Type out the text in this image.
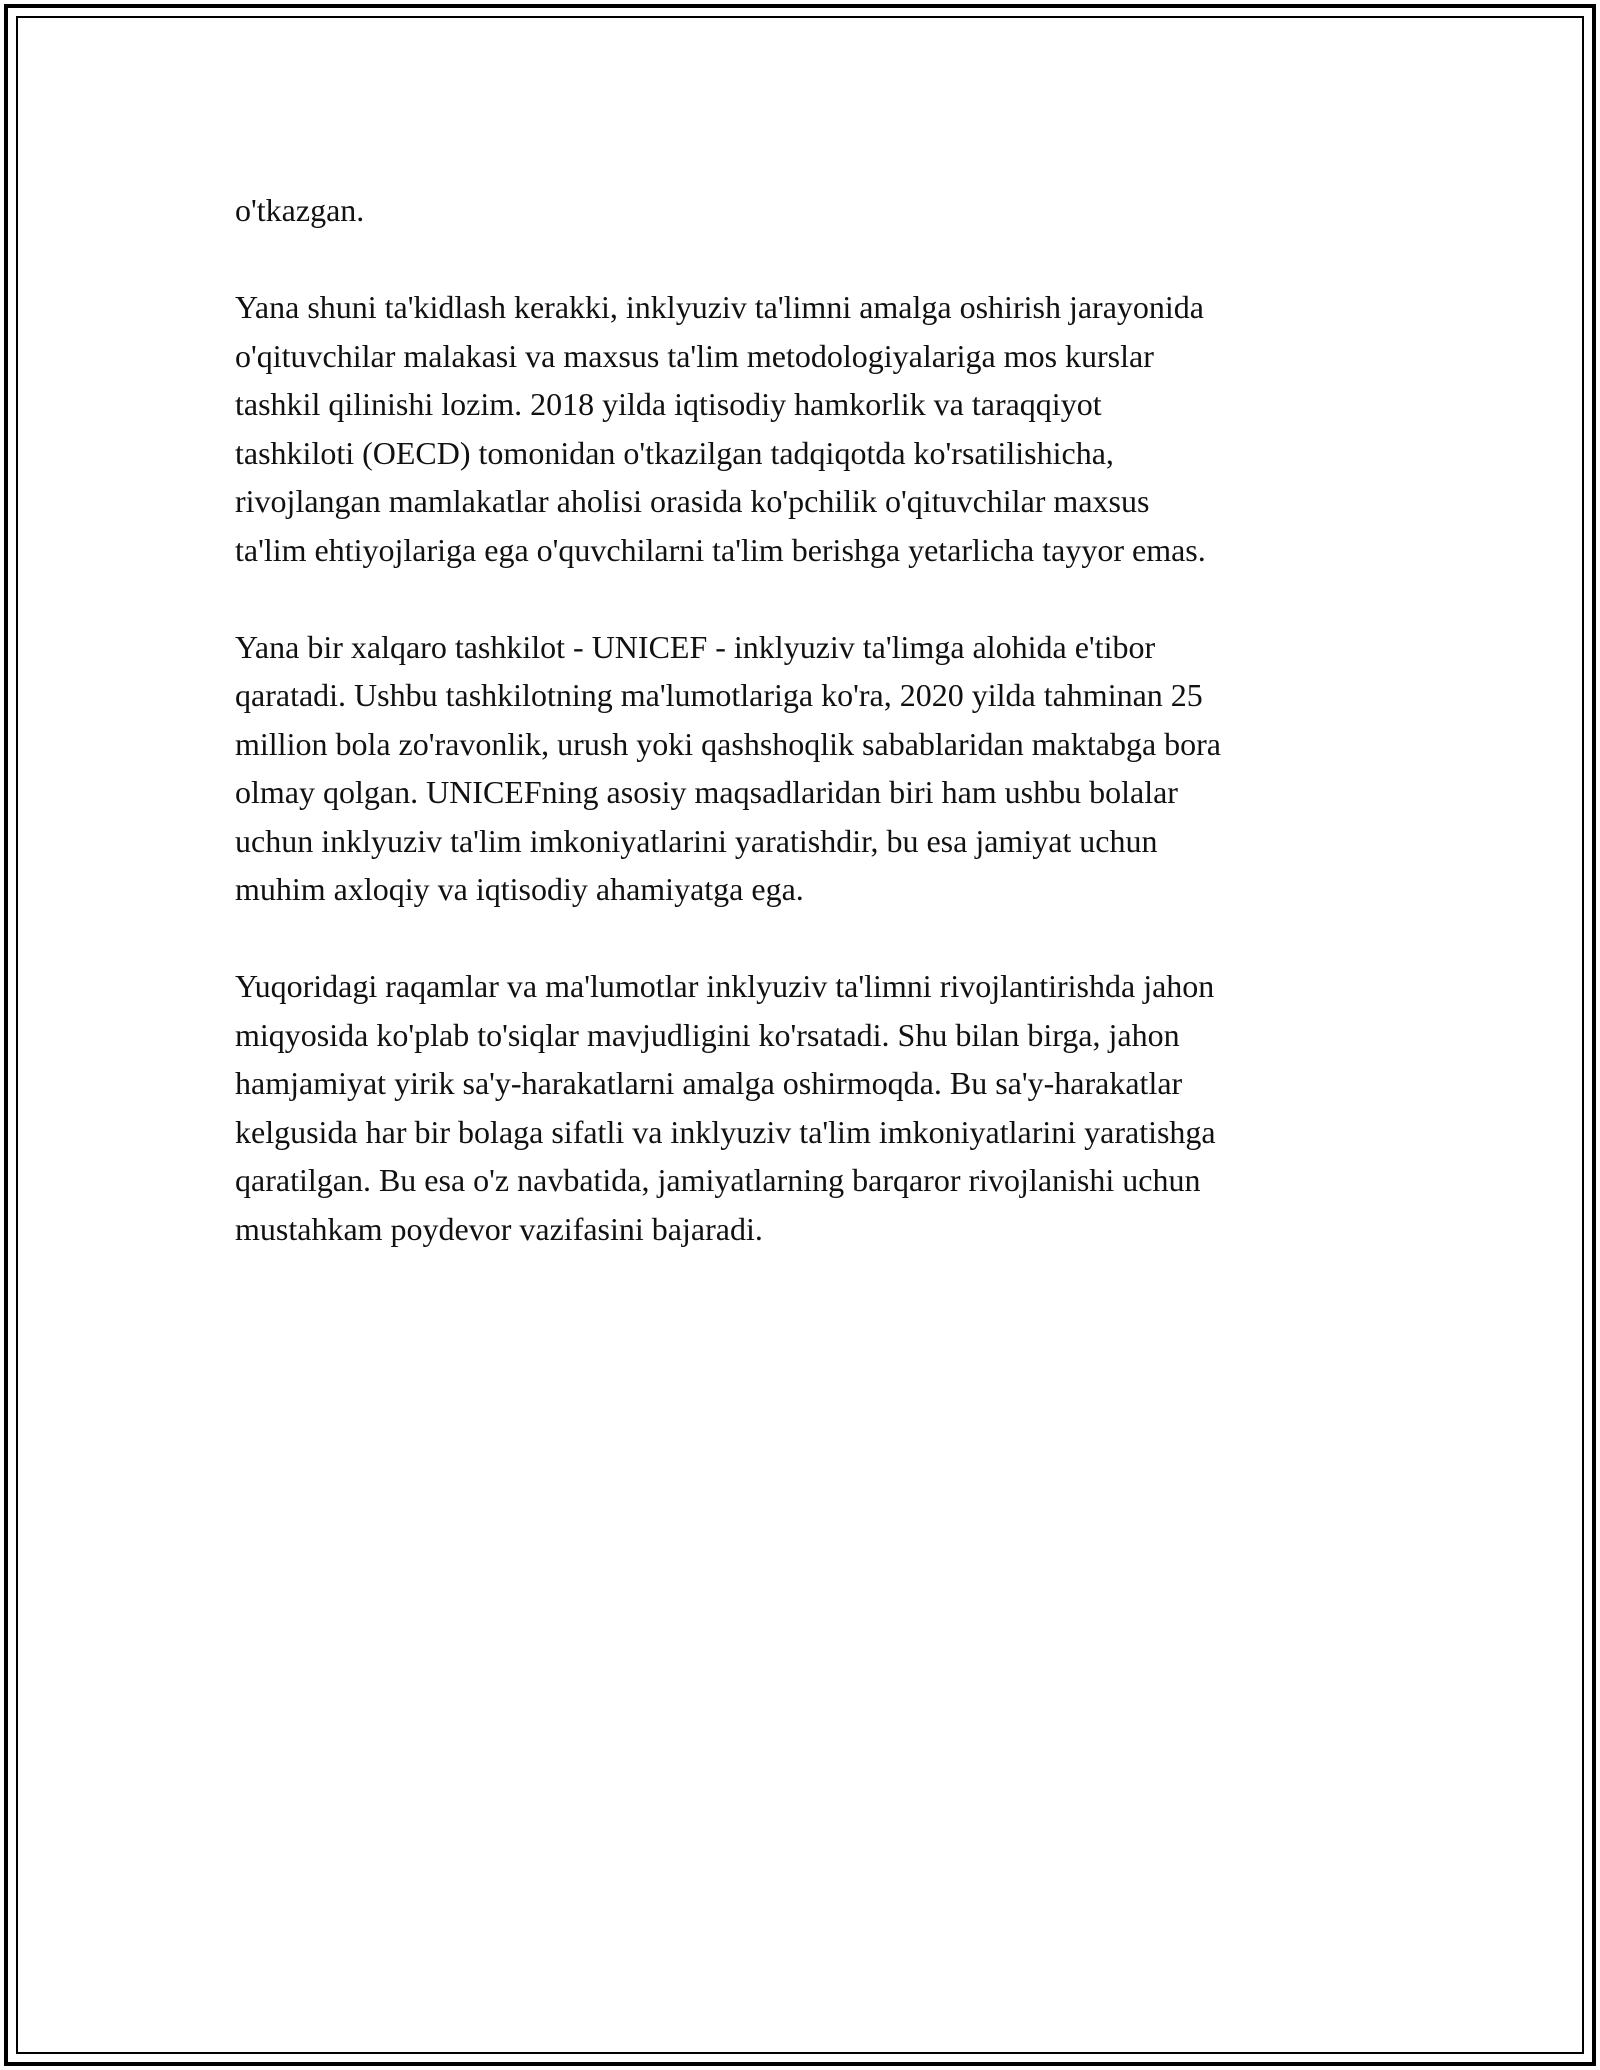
o'tkazgan.

Yana shuni ta'kidlash kerakki, inklyuziv ta'limni amalga oshirish jarayonida
o'qituvchilar malakasi va maxsus ta'lim metodologiyalariga mos kurslar
tashkil qilinishi lozim. 2018 yilda iqtisodiy hamkorlik va taraqqiyot
tashkiloti (OECD) tomonidan o'tkazilgan tadqiqotda ko'rsatilishicha,
rivojlangan mamlakatlar aholisi orasida ko'pchilik o'qituvchilar maxsus
ta'lim ehtiyojlariga ega o'quvchilarni ta'lim berishga yetarlicha tayyor emas.

Yana bir xalqaro tashkilot - UNICEF - inklyuziv ta'limga alohida e'tibor
qaratadi. Ushbu tashkilotning ma'lumotlariga ko'ra, 2020 yilda tahminan 25
million bola zo'ravonlik, urush yoki qashshoqlik sabablaridan maktabga bora
olmay qolgan. UNICEFning asosiy maqsadlaridan biri ham ushbu bolalar
uchun inklyuziv ta'lim imkoniyatlarini yaratishdir, bu esa jamiyat uchun
muhim axloqiy va iqtisodiy ahamiyatga ega.

Yuqoridagi raqamlar va ma'lumotlar inklyuziv ta'limni rivojlantirishda jahon
miqyosida ko'plab to'siqlar mavjudligini ko'rsatadi. Shu bilan birga, jahon
hamjamiyat yirik sa'y-harakatlarni amalga oshirmoqda. Bu sa'y-harakatlar
kelgusida har bir bolaga sifatli va inklyuziv ta'lim imkoniyatlarini yaratishga
qaratilgan. Bu esa o'z navbatida, jamiyatlarning barqaror rivojlanishi uchun
mustahkam poydevor vazifasini bajaradi.
